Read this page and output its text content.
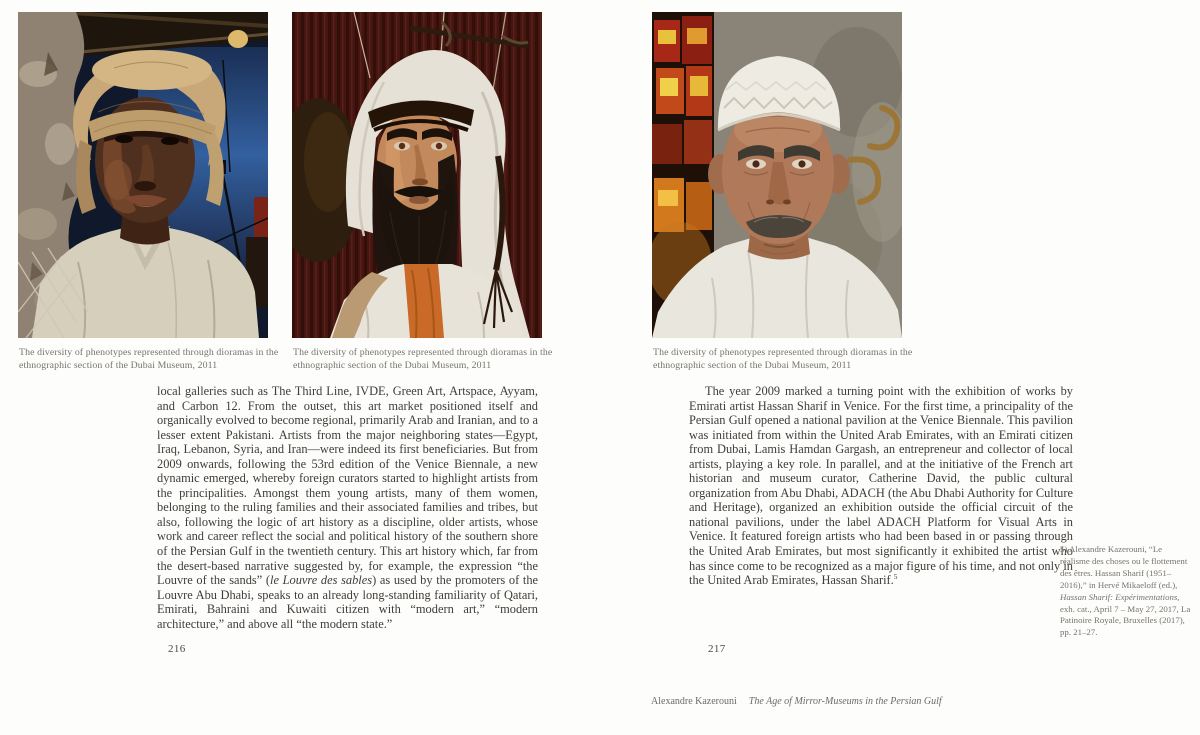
The diversity of phenotypes represented through dioramas in the ethnographic section of the Dubai Museum, 2011

The diversity of phenotypes represented through dioramas in the ethnographic section of the Dubai Museum, 2011

The diversity of phenotypes represented through dioramas in the ethnographic section of the Dubai Museum, 2011

local galleries such as The Third Line, IVDE, Green Art, Artspace, Ayyam, and Carbon 12. From the outset, this art market positioned itself and organically evolved to become regional, primarily Arab and Iranian, and to a lesser extent Pakistani. Artists from the major neighboring states—Egypt, Iraq, Lebanon, Syria, and Iran—were indeed its first beneficiaries. But from 2009 onwards, following the 53rd edition of the Venice Biennale, a new dynamic emerged, whereby foreign curators started to highlight artists from the principalities. Amongst them young artists, many of them women, belonging to the ruling families and their associated families and tribes, but also, following the logic of art history as a discipline, older artists, whose work and career reflect the social and political history of the southern shore of the Persian Gulf in the twentieth century. This art history which, far from the desert-based narrative suggested by, for example, the expression “the Louvre of the sands” (le Louvre des sables) as used by the promoters of the Louvre Abu Dhabi, speaks to an already long-standing familiarity of Qatari, Emirati, Bahraini and Kuwaiti citizen with “modern art,” “modern architecture,” and above all “the modern state.”

The year 2009 marked a turning point with the exhibition of works by Emirati artist Hassan Sharif in Venice. For the first time, a principality of the Persian Gulf opened a national pavilion at the Venice Biennale. This pavilion was initiated from within the United Arab Emirates, with an Emirati citizen from Dubai, Lamis Hamdan Gargash, an entrepreneur and collector of local artists, playing a key role. In parallel, and at the initiative of the French art historian and museum curator, Catherine David, the public cultural organization from Abu Dhabi, ADACH (the Abu Dhabi Authority for Culture and Heritage), organized an exhibition outside the official circuit of the national pavilions, under the label ADACH Platform for Visual Arts in Venice. It featured foreign artists who had been based in or passing through the United Arab Emirates, but most significantly it exhibited the artist who has since come to be recognized as a major figure of his time, and not only in the United Arab Emirates, Hassan Sharif.$^5$

5) Alexandre Kazerouni, “Le réalisme des choses ou le flottement des êtres. Hassan Sharif (1951–2016),” in Hervé Mikaeloff (ed.), Hassan Sharif: Expérimentations, exh. cat., April 7 – May 27, 2017, La Patinoire Royale, Bruxelles (2017), pp. 21–27.

216	217
Alexandre Kazerouni The Age of Mirror-Museums in the Persian Gulf
